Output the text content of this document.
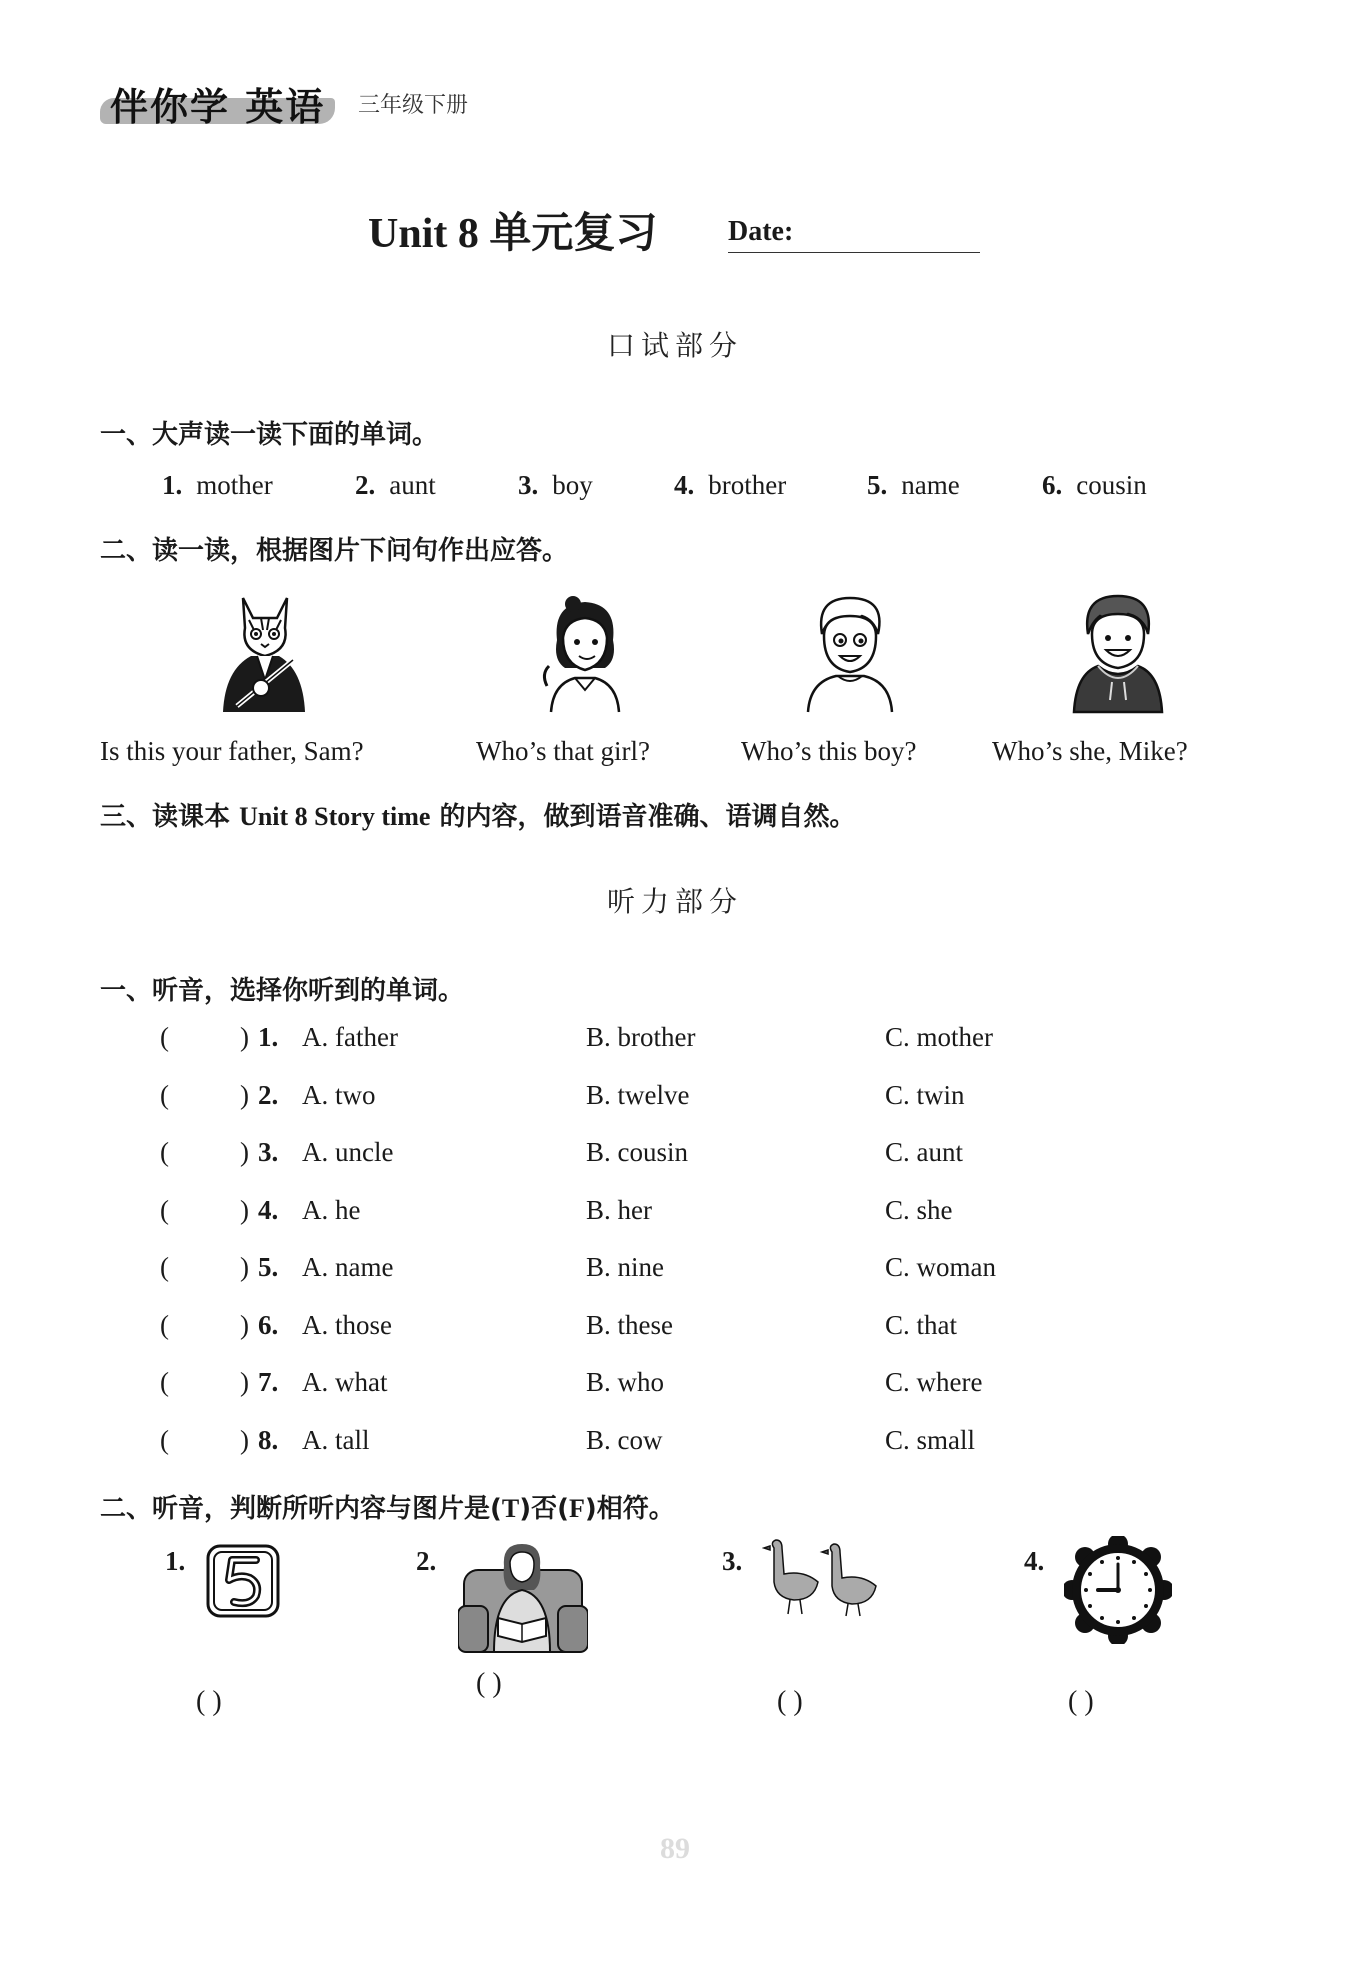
伴你学 英语 三年级下册
Unit 8 单元复习	Date:
口试部分
一、大声读一读下面的单词。
1. mother	2. aunt	3. boy	4. brother	5. name	6. cousin
二、读一读，根据图片下问句作出应答。
Is this your father, Sam?	Who’s that girl?	Who’s this boy?	Who’s she, Mike?
三、读课本 Unit 8 Story time 的内容，做到语音准确、语调自然。
听力部分
一、听音，选择你听到的单词。
(	) 1. A. father	B. brother	C. mother
(	) 2. A. two	B. twelve	C. twin
(	) 3. A. uncle	B. cousin	C. aunt
(	) 4. A. he	B. her	C. she
(	) 5. A. name	B. nine	C. woman
(	) 6. A. those	B. these	C. that
(	) 7. A. what	B. who	C. where
(	) 8. A. tall	B. cow	C. small
二、听音，判断所听内容与图片是(T)否(F)相符。
1.
( )
2.
( )
3.
( )
4.
( )
89
